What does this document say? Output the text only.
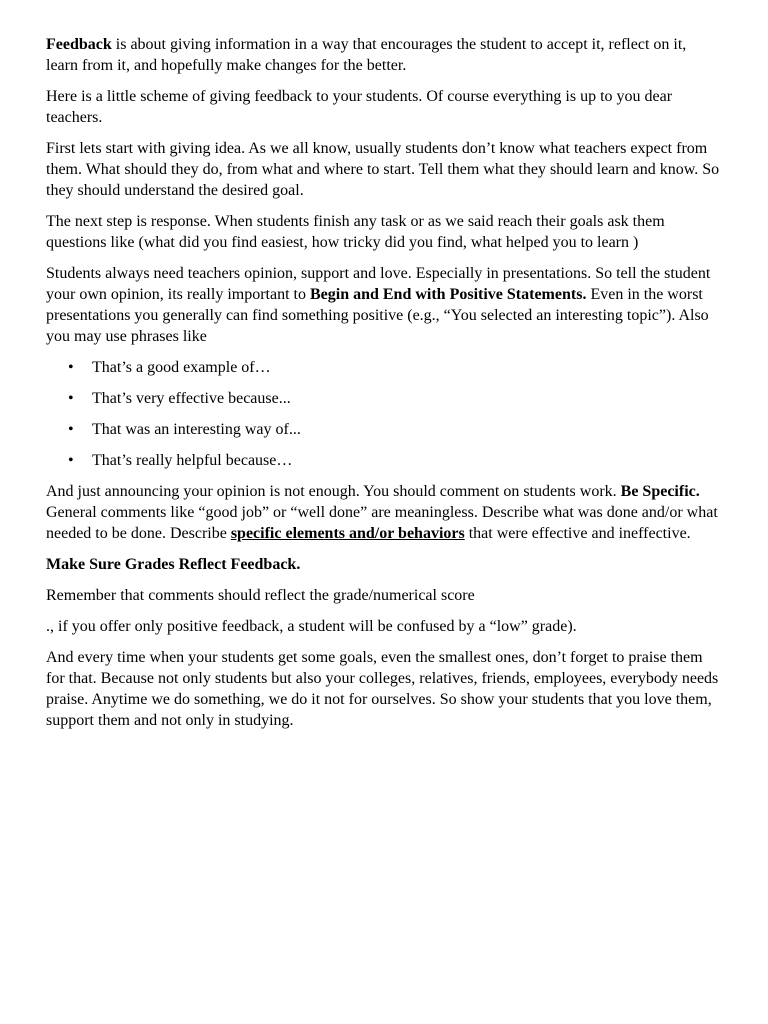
Feedback is about giving information in a way that encourages the student to accept it, reflect on it, learn from it, and hopefully make changes for the better.

Here is a little scheme of giving feedback to your students. Of course everything is up to you dear teachers.

First lets start with giving idea. As we all know, usually students don’t know what teachers expect from them. What should they do, from what and where to start. Tell them what they should learn and know. So they should understand the desired goal.

The next step is response. When students finish any task or as we said reach their goals ask them questions like (what did you find easiest, how tricky did you find, what helped you to learn )

Students always need teachers opinion, support and love. Especially in presentations. So tell the student your own opinion, its really important to Begin and End with Positive Statements. Even in the worst presentations you generally can find something positive (e.g., “You selected an interesting topic”). Also you may use phrases like

• That’s a good example of…
• That’s very effective because...
• That was an interesting way of...
• That’s really helpful because…

And just announcing your opinion is not enough. You should comment on students work. Be Specific. General comments like “good job” or “well done” are meaningless. Describe what was done and/or what needed to be done. Describe specific elements and/or behaviors that were effective and ineffective.

Make Sure Grades Reflect Feedback.

Remember that comments should reflect the grade/numerical score

., if you offer only positive feedback, a student will be confused by a “low” grade).

And every time when your students get some goals, even the smallest ones, don’t forget to praise them for that. Because not only students but also your colleges, relatives, friends, employees, everybody needs praise. Anytime we do something, we do it not for ourselves. So show your students that you love them, support them and not only in studying.
